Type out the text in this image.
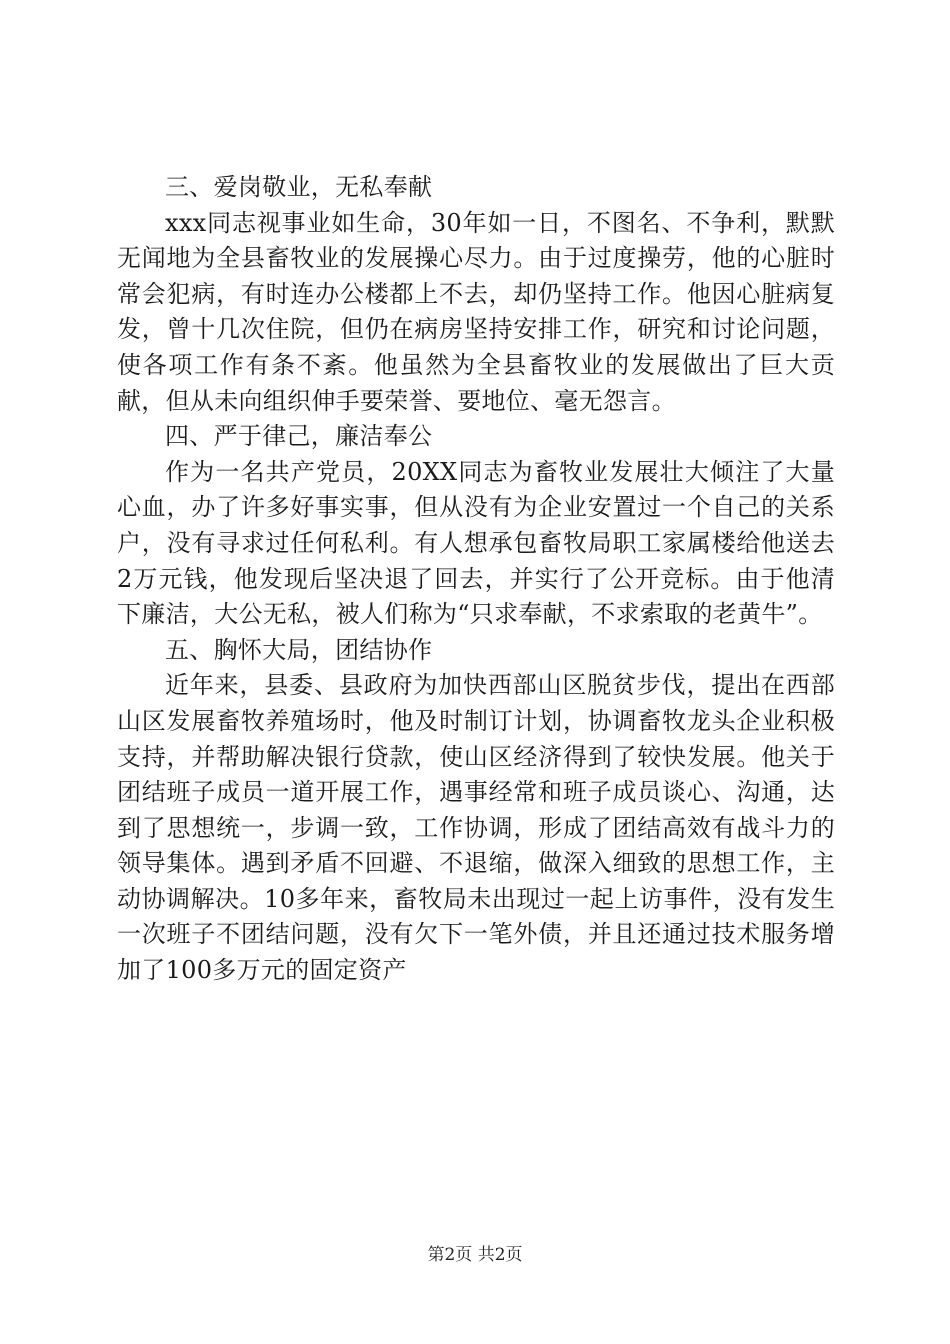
三、爱岗敬业，无私奉献

xxx同志视事业如生命，30年如一日，不图名、不争利，默默无闻地为全县畜牧业的发展操心尽力。由于过度操劳，他的心脏时常会犯病，有时连办公楼都上不去，却仍坚持工作。他因心脏病复发，曾十几次住院，但仍在病房坚持安排工作，研究和讨论问题，使各项工作有条不紊。他虽然为全县畜牧业的发展做出了巨大贡献，但从未向组织伸手要荣誉、要地位、毫无怨言。

四、严于律己，廉洁奉公

作为一名共产党员，20XX同志为畜牧业发展壮大倾注了大量心血，办了许多好事实事，但从没有为企业安置过一个自己的关系户，没有寻求过任何私利。有人想承包畜牧局职工家属楼给他送去2万元钱，他发现后坚决退了回去，并实行了公开竞标。由于他清下廉洁，大公无私，被人们称为“只求奉献，不求索取的老黄牛”。

五、胸怀大局，团结协作

近年来，县委、县政府为加快西部山区脱贫步伐，提出在西部山区发展畜牧养殖场时，他及时制订计划，协调畜牧龙头企业积极支持，并帮助解决银行贷款，使山区经济得到了较快发展。他关于团结班子成员一道开展工作，遇事经常和班子成员谈心、沟通，达到了思想统一，步调一致，工作协调，形成了团结高效有战斗力的领导集体。遇到矛盾不回避、不退缩，做深入细致的思想工作，主动协调解决。10多年来，畜牧局未出现过一起上访事件，没有发生一次班子不团结问题，没有欠下一笔外债，并且还通过技术服务增加了100多万元的固定资产

第2页 共2页
